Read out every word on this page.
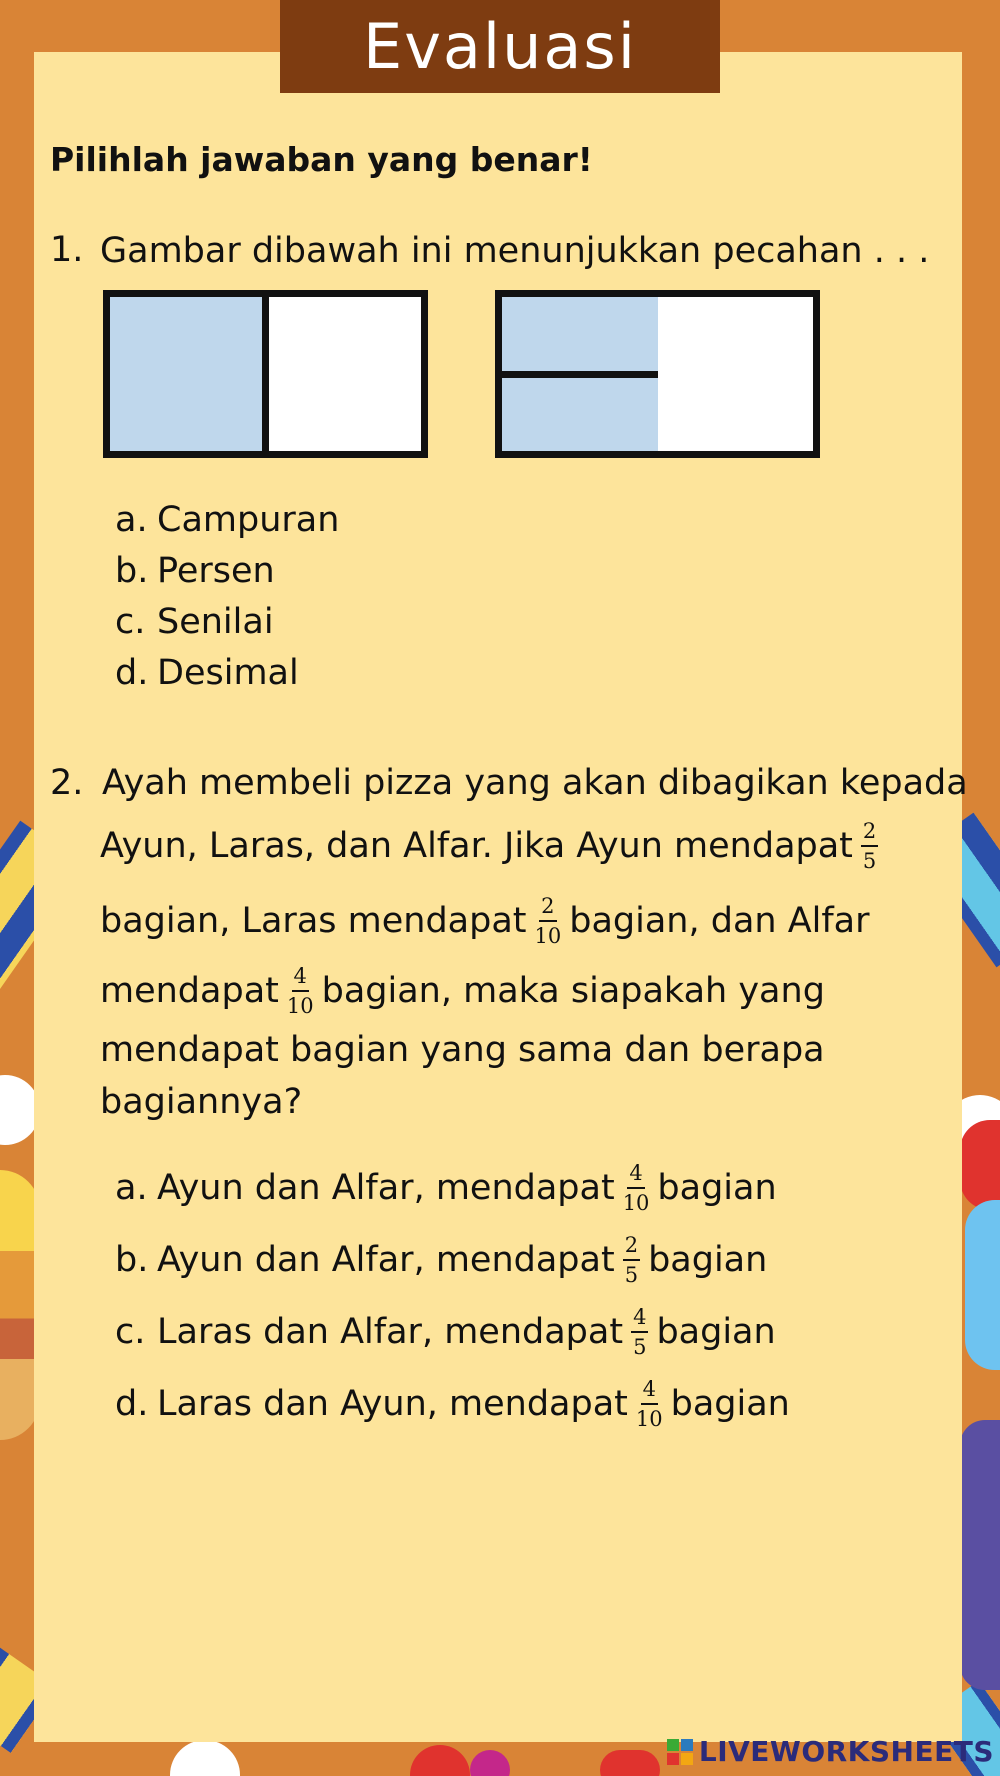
Evaluasi
Pilihlah jawaban yang benar!
1. Gambar dibawah ini menunjukkan pecahan . . .
a. Campuran
b. Persen
c. Senilai
d. Desimal
2. Ayah membeli pizza yang akan dibagikan kepada
Ayun, Laras, dan Alfar. Jika Ayun mendapat $\frac{2}{5}$
bagian, Laras mendapat $\frac{2}{10}$ bagian, dan Alfar
mendapat $\frac{4}{10}$ bagian, maka siapakah yang
mendapat bagian yang sama dan berapa
bagiannya?
a. Ayun dan Alfar, mendapat $\frac{4}{10}$ bagian
b. Ayun dan Alfar, mendapat $\frac{2}{5}$ bagian
c. Laras dan Alfar, mendapat $\frac{4}{5}$ bagian
d. Laras dan Ayun, mendapat $\frac{4}{10}$ bagian
LIVEWORKSHEETS
